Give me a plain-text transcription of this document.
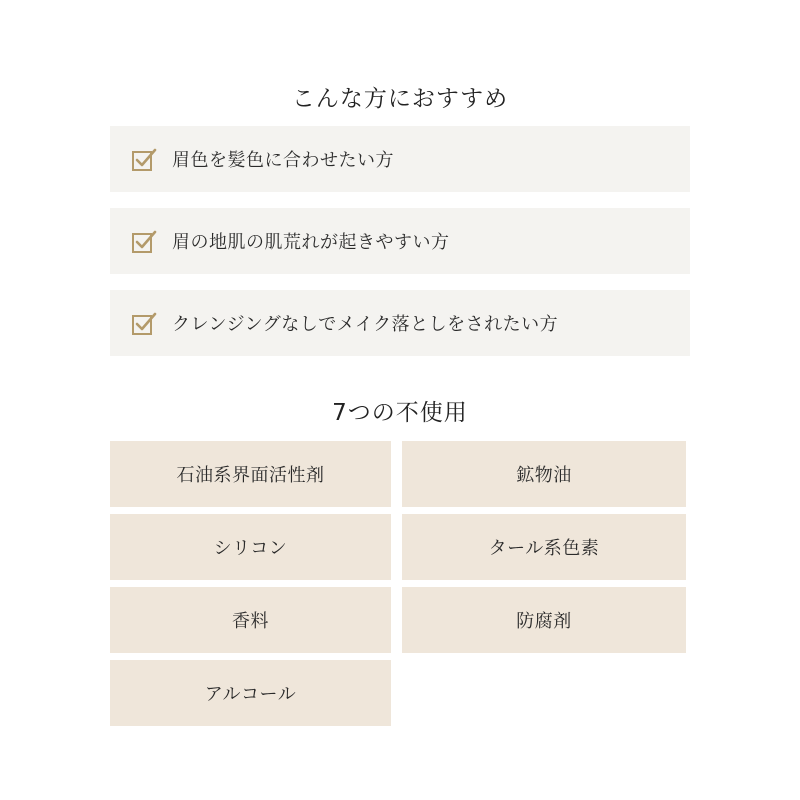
こんな方におすすめ
眉色を髪色に合わせたい方
眉の地肌の肌荒れが起きやすい方
クレンジングなしでメイク落としをされたい方
7つの不使用
石油系界面活性剤	鉱物油
シリコン	タール系色素
香料	防腐剤
アルコール
